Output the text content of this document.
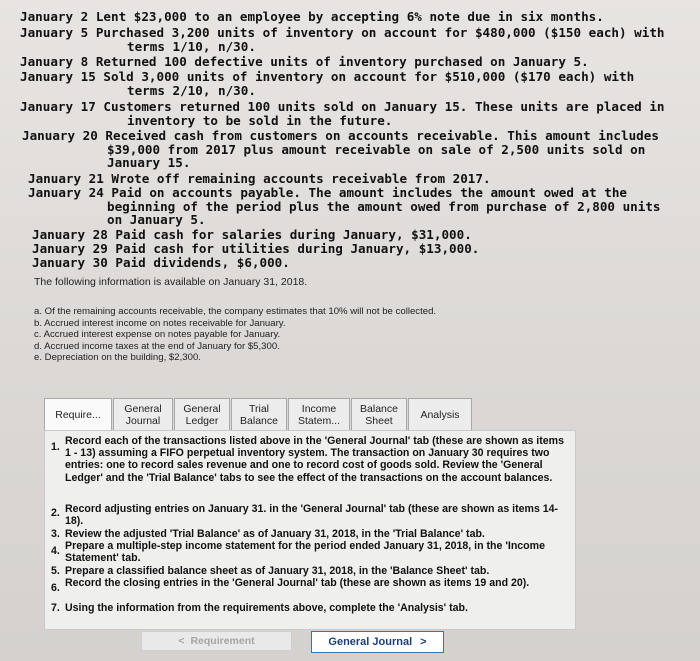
January 2 Lent $23,000 to an employee by accepting 6% note due in six months.
January 5 Purchased 3,200 units of inventory on account for $480,000 ($150 each) with
terms 1/10, n/30.
January 8 Returned 100 defective units of inventory purchased on January 5.
January 15 Sold 3,000 units of inventory on account for $510,000 ($170 each) with
terms 2/10, n/30.
January 17 Customers returned 100 units sold on January 15. These units are placed in
inventory to be sold in the future.
January 20 Received cash from customers on accounts receivable. This amount includes
$39,000 from 2017 plus amount receivable on sale of 2,500 units sold on
January 15.
January 21 Wrote off remaining accounts receivable from 2017.
January 24 Paid on accounts payable. The amount includes the amount owed at the
beginning of the period plus the amount owed from purchase of 2,800 units
on January 5.
January 28 Paid cash for salaries during January, $31,000.
January 29 Paid cash for utilities during January, $13,000.
January 30 Paid dividends, $6,000.
The following information is available on January 31, 2018.
a. Of the remaining accounts receivable, the company estimates that 10% will not be collected.
b. Accrued interest income on notes receivable for January.
c. Accrued interest expense on notes payable for January.
d. Accrued income taxes at the end of January for $5,300.
e. Depreciation on the building, $2,300.
Require... General
Journal
General
Ledger
Trial
Balance
Income
Statem...
Balance
Sheet	Analysis
1. Record each of the transactions listed above in the 'General Journal' tab (these are shown as items 1 - 13) assuming a FIFO perpetual inventory system. The transaction on January 30 requires two entries: one to record sales revenue and one to record cost of goods sold. Review the 'General Ledger' and the 'Trial Balance' tabs to see the effect of the transactions on the account balances.
2. Record adjusting entries on January 31. in the 'General Journal' tab (these are shown as items 14-18).
3. Review the adjusted 'Trial Balance' as of January 31, 2018, in the 'Trial Balance' tab.
4. Prepare a multiple-step income statement for the period ended January 31, 2018, in the 'Income Statement' tab.
5. Prepare a classified balance sheet as of January 31, 2018, in the 'Balance Sheet' tab.
6. Record the closing entries in the 'General Journal' tab (these are shown as items 19 and 20).
7. Using the information from the requirements above, complete the 'Analysis' tab.
< Requirement	General Journal >
